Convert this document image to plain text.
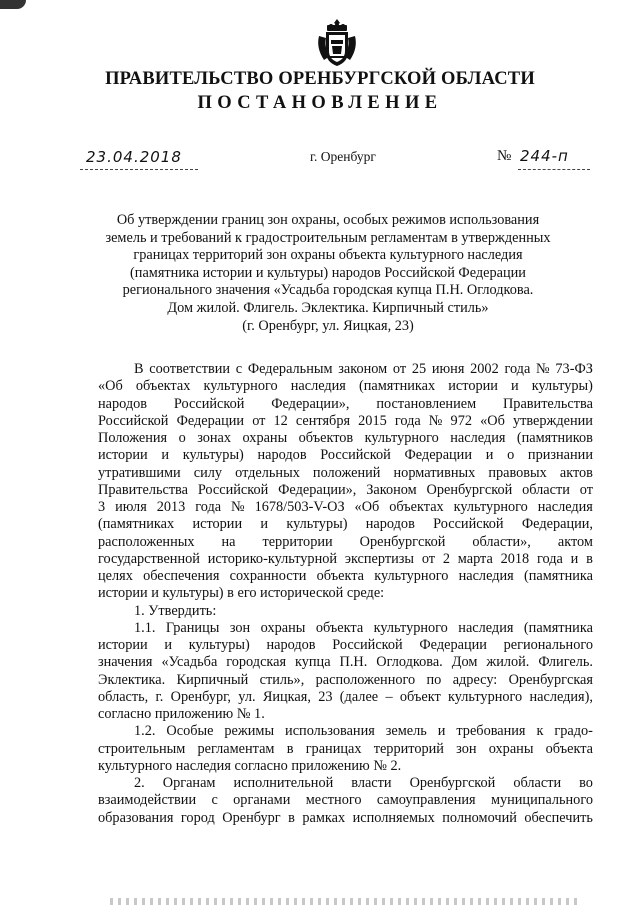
ПРАВИТЕЛЬСТВО ОРЕНБУРГСКОЙ ОБЛАСТИ
ПОСТАНОВЛЕНИЕ
23.04.2018	г. Оренбург	№ 244-п
Об утверждении границ зон охраны, особых режимов использования
земель и требований к градостроительным регламентам в утвержденных
границах территорий зон охраны объекта культурного наследия
(памятника истории и культуры) народов Российской Федерации
регионального значения «Усадьба городская купца П.Н. Оглодкова.
Дом жилой. Флигель. Эклектика. Кирпичный стиль»
(г. Оренбург, ул. Яицкая, 23)
В соответствии с Федеральным законом от 25 июня 2002 года № 73-ФЗ
«Об объектах культурного наследия (памятниках истории и культуры)
народов Российской Федерации», постановлением Правительства
Российской Федерации от 12 сентября 2015 года № 972 «Об утверждении
Положения о зонах охраны объектов культурного наследия (памятников
истории и культуры) народов Российской Федерации и о признании
утратившими силу отдельных положений нормативных правовых актов
Правительства Российской Федерации», Законом Оренбургской области от
3 июля 2013 года № 1678/503-V-ОЗ «Об объектах культурного наследия
(памятниках истории и культуры) народов Российской Федерации,
расположенных на территории Оренбургской области», актом
государственной историко-культурной экспертизы от 2 марта 2018 года и в
целях обеспечения сохранности объекта культурного наследия (памятника
истории и культуры) в его исторической среде:
1. Утвердить:
1.1. Границы зон охраны объекта культурного наследия (памятника
истории и культуры) народов Российской Федерации регионального
значения «Усадьба городская купца П.Н. Оглодкова. Дом жилой. Флигель.
Эклектика. Кирпичный стиль», расположенного по адресу: Оренбургская
область, г. Оренбург, ул. Яицкая, 23 (далее – объект культурного наследия),
согласно приложению № 1.
1.2. Особые режимы использования земель и требования к градо-
строительным регламентам в границах территорий зон охраны объекта
культурного наследия согласно приложению № 2.
2. Органам исполнительной власти Оренбургской области во
взаимодействии с органами местного самоуправления муниципального
образования город Оренбург в рамках исполняемых полномочий обеспечить
